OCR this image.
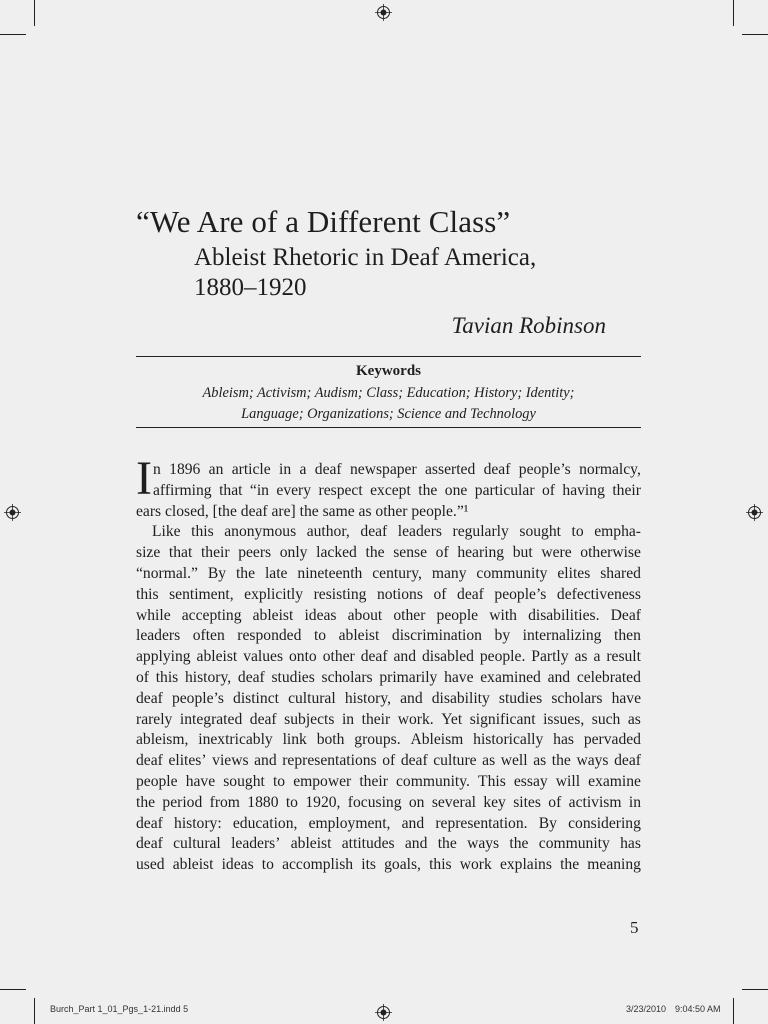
“We Are of a Different Class”
Ableist Rhetoric in Deaf America,
1880–1920
Tavian Robinson
Keywords
Ableism; Activism; Audism; Class; Education; History; Identity;
Language; Organizations; Science and Technology
I n 1896 an article in a deaf newspaper asserted deaf people’s normalcy,
affirming that “in every respect except the one particular of having their
ears closed, [the deaf are] the same as other people.”¹
Like this anonymous author, deaf leaders regularly sought to empha-
size that their peers only lacked the sense of hearing but were otherwise
“normal.” By the late nineteenth century, many community elites shared
this sentiment, explicitly resisting notions of deaf people’s defectiveness
while accepting ableist ideas about other people with disabilities. Deaf
leaders often responded to ableist discrimination by internalizing then
applying ableist values onto other deaf and disabled people. Partly as a result
of this history, deaf studies scholars primarily have examined and celebrated
deaf people’s distinct cultural history, and disability studies scholars have
rarely integrated deaf subjects in their work. Yet significant issues, such as
ableism, inextricably link both groups. Ableism historically has pervaded
deaf elites’ views and representations of deaf culture as well as the ways deaf
people have sought to empower their community. This essay will examine
the period from 1880 to 1920, focusing on several key sites of activism in
deaf history: education, employment, and representation. By considering
deaf cultural leaders’ ableist attitudes and the ways the community has
used ableist ideas to accomplish its goals, this work explains the meaning
5
Burch_Part 1_01_Pgs_1-21.indd 5	3/23/2010 9:04:50 AM
